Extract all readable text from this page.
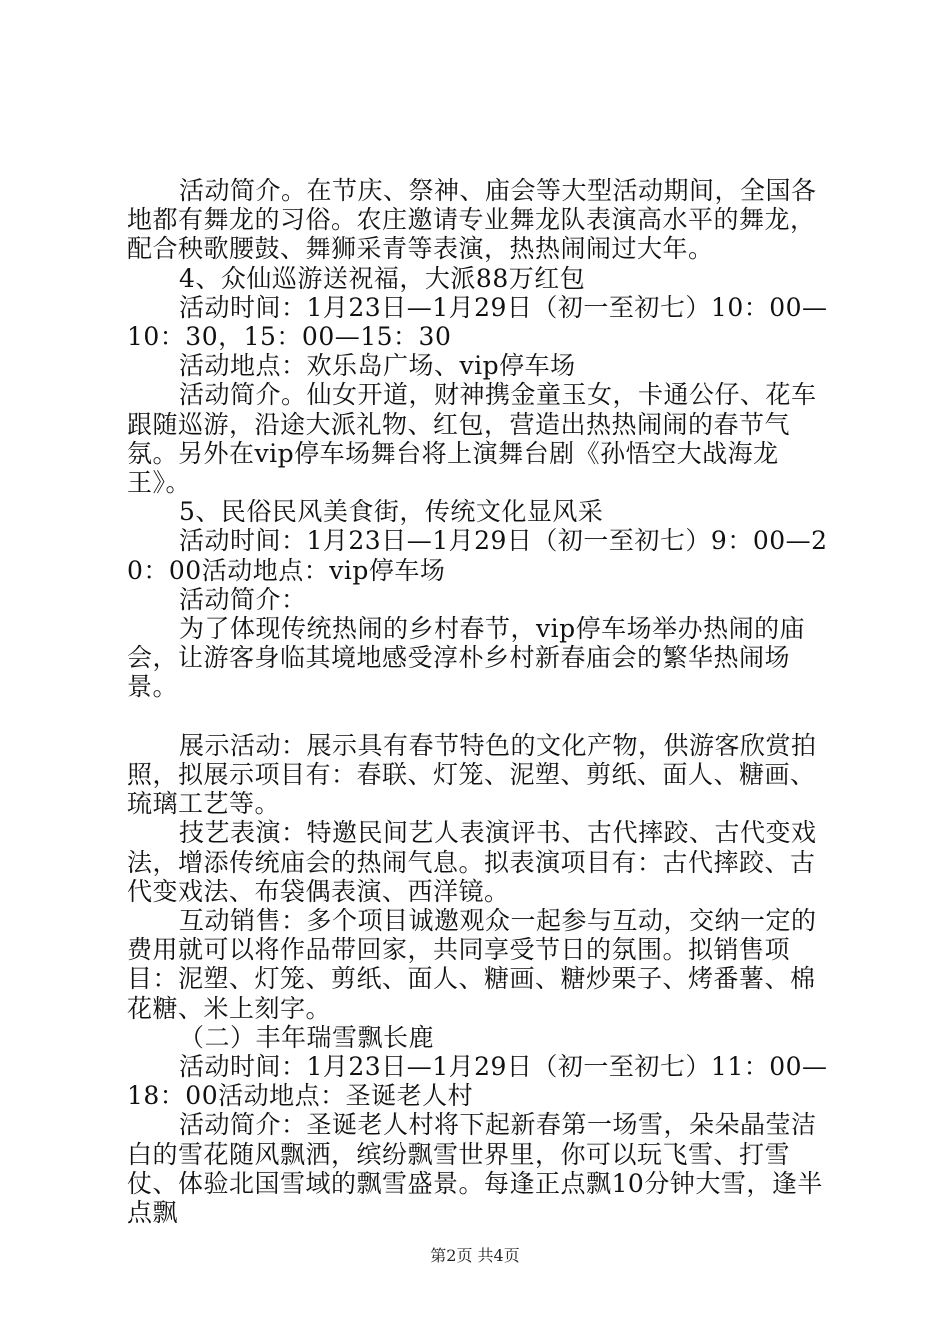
活动简介。在节庆、祭神、庙会等大型活动期间，全国各地都有舞龙的习俗。农庄邀请专业舞龙队表演高水平的舞龙，配合秧歌腰鼓、舞狮采青等表演，热热闹闹过大年。

4、众仙巡游送祝福，大派88万红包

活动时间：1月23日—1月29日（初一至初七）10：00—10：30，15：00—15：30

活动地点：欢乐岛广场、vip停车场

活动简介。仙女开道，财神携金童玉女，卡通公仔、花车跟随巡游，沿途大派礼物、红包，营造出热热闹闹的春节气氛。另外在vip停车场舞台将上演舞台剧《孙悟空大战海龙王》。

5、民俗民风美食街，传统文化显风采

活动时间：1月23日—1月29日（初一至初七）9：00—20：00活动地点：vip停车场

活动简介：

为了体现传统热闹的乡村春节，vip停车场举办热闹的庙会，让游客身临其境地感受淳朴乡村新春庙会的繁华热闹场景。

展示活动：展示具有春节特色的文化产物，供游客欣赏拍照，拟展示项目有：春联、灯笼、泥塑、剪纸、面人、糖画、琉璃工艺等。

技艺表演：特邀民间艺人表演评书、古代摔跤、古代变戏法，增添传统庙会的热闹气息。拟表演项目有：古代摔跤、古代变戏法、布袋偶表演、西洋镜。

互动销售：多个项目诚邀观众一起参与互动，交纳一定的费用就可以将作品带回家，共同享受节日的氛围。拟销售项目：泥塑、灯笼、剪纸、面人、糖画、糖炒栗子、烤番薯、棉花糖、米上刻字。

（二）丰年瑞雪飘长鹿

活动时间：1月23日—1月29日（初一至初七）11：00—18：00活动地点：圣诞老人村

活动简介：圣诞老人村将下起新春第一场雪，朵朵晶莹洁白的雪花随风飘洒，缤纷飘雪世界里，你可以玩飞雪、打雪仗、体验北国雪域的飘雪盛景。每逢正点飘10分钟大雪，逢半点飘

第2页 共4页
